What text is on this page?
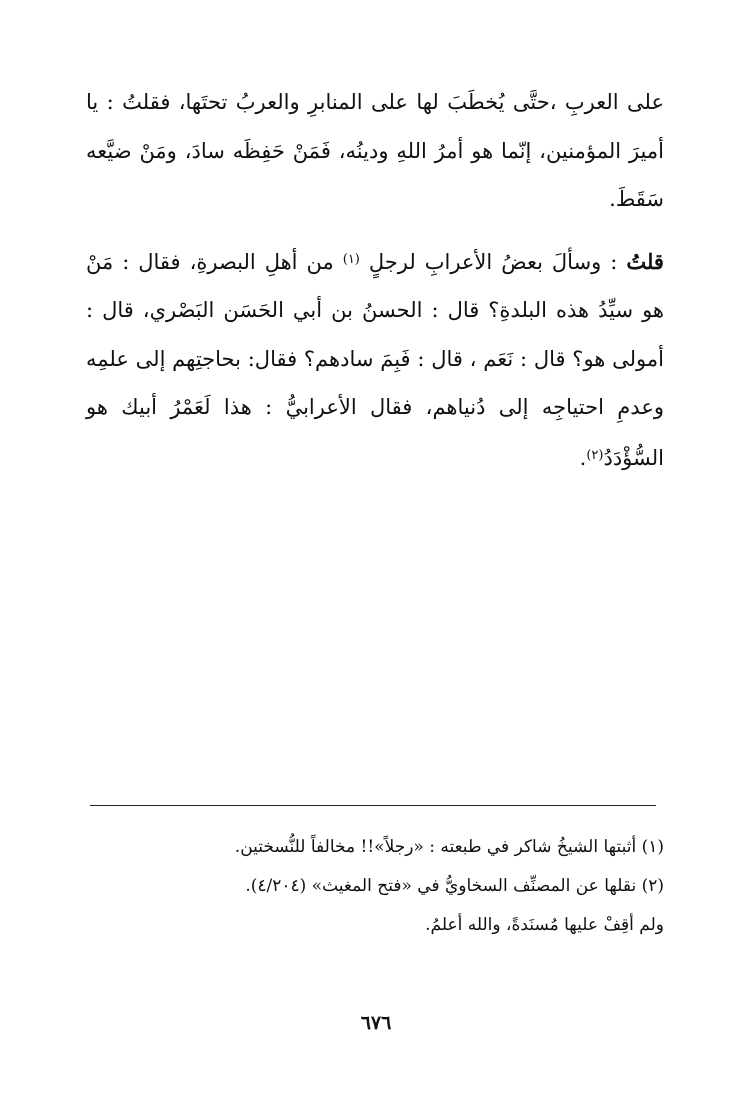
على العربِ ،حتَّى يُخطَبَ لها على المنابرِ والعربُ تحتَها، فقلتُ : يا أميرَ المؤمنين، إنّما هو أمرُ اللهِ ودينُه، فَمَنْ حَفِظَه سادَ، ومَنْ ضيَّعه سَقَطَ.

قلتُ : وسألَ بعضُ الأعرابِ لرجلٍ $^{(١)}$ من أهلِ البصرةِ، فقال : مَنْ هو سيِّدُ هذه البلدةِ؟ قال : الحسنُ بن أبي الحَسَن البَصْري، قال : أمولى هو؟ قال : نَعَم ، قال : فَبِمَ سادهم؟ فقال: بحاجتِهم إلى علمِه وعدمِ احتياجِه إلى دُنياهم، فقال الأعرابيُّ : هذا لَعَمْرُ أبيك هو السُّؤْدَدُ$^{(٢)}$.

(١) أثبتها الشيخُ شاكر في طبعته : «رجلاً»!! مخالفاً للنُّسختين.

(٢) نقلها عن المصنِّف السخاويُّ في «فتح المغيث» (٤/٢٠٤).

ولم أقِفْ عليها مُسنَدةً، والله أعلمُ.

٦٧٦
